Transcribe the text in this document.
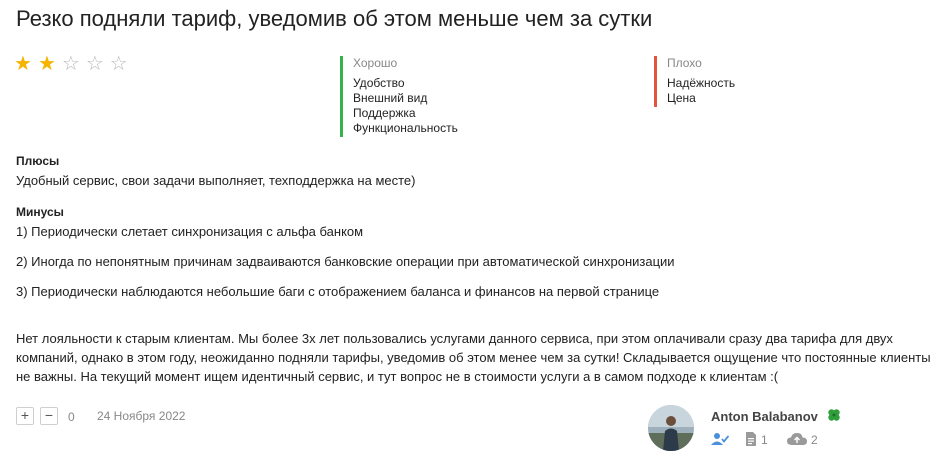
Резко подняли тариф, уведомив об этом меньше чем за сутки
★ ★ ☆ ☆ ☆	Хорошо
Удобство
Внешний вид
Поддержка
Функциональность
Плохо
Надёжность
Цена
Плюсы
Удобный сервис, свои задачи выполняет, техподдержка на месте)
Минусы
1) Периодически слетает синхронизация с альфа банком
2) Иногда по непонятным причинам задваиваются банковские операции при автоматической синхронизации
3) Периодически наблюдаются небольшие баги с отображением баланса и финансов на первой странице
Нет лояльности к старым клиентам. Мы более 3х лет пользовались услугами данного сервиса, при этом оплачивали сразу два тарифа для двух компаний, однако в этом году, неожиданно подняли тарифы, уведомив об этом менее чем за сутки! Складывается ощущение что постоянные клиенты не важны. На текущий момент ищем идентичный сервис, и тут вопрос не в стоимости услуги а в самом подходе к клиентам :(
+	−	0 24 Ноября 2022	Anton Balabanov
1	2
